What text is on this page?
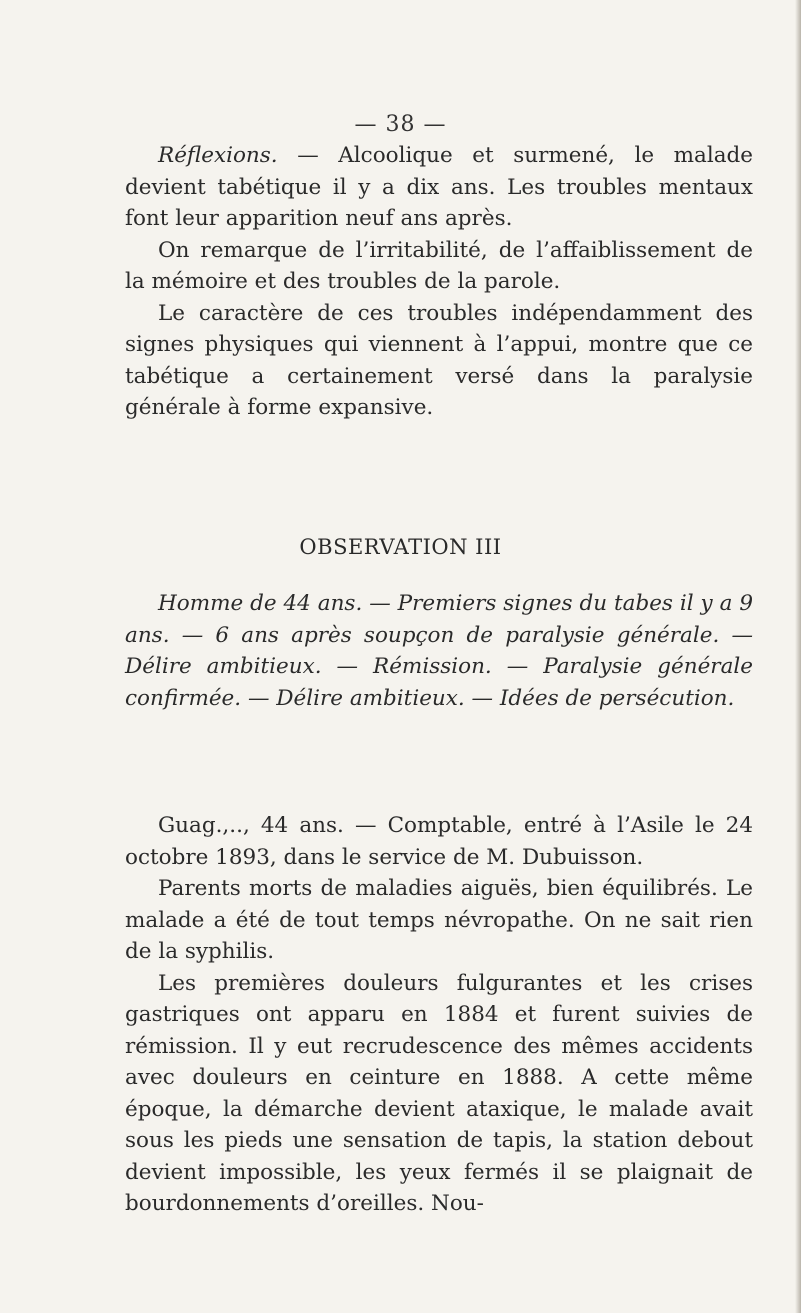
— 38 —

Réflexions. — Alcoolique et surmené, le malade devient tabétique il y a dix ans. Les troubles mentaux font leur apparition neuf ans après.

On remarque de l’irritabilité, de l’affaiblissement de la mémoire et des troubles de la parole.

Le caractère de ces troubles indépendamment des signes physiques qui viennent à l’appui, montre que ce tabétique a certainement versé dans la paralysie générale à forme expansive.

OBSERVATION III

Homme de 44 ans. — Premiers signes du tabes il y a 9 ans. — 6 ans après soupçon de paralysie générale. — Délire ambitieux. — Rémission. — Paralysie générale confirmée. — Délire ambitieux. — Idées de persécution.

Guag.,.., 44 ans. — Comptable, entré à l’Asile le 24 octobre 1893, dans le service de M. Dubuisson.

Parents morts de maladies aiguës, bien équilibrés. Le malade a été de tout temps névropathe. On ne sait rien de la syphilis.

Les premières douleurs fulgurantes et les crises gastriques ont apparu en 1884 et furent suivies de rémission. Il y eut recrudescence des mêmes accidents avec douleurs en ceinture en 1888. A cette même époque, la démarche devient ataxique, le malade avait sous les pieds une sensation de tapis, la station debout devient impossible, les yeux fermés il se plaignait de bourdonnements d’oreilles. Nou-
